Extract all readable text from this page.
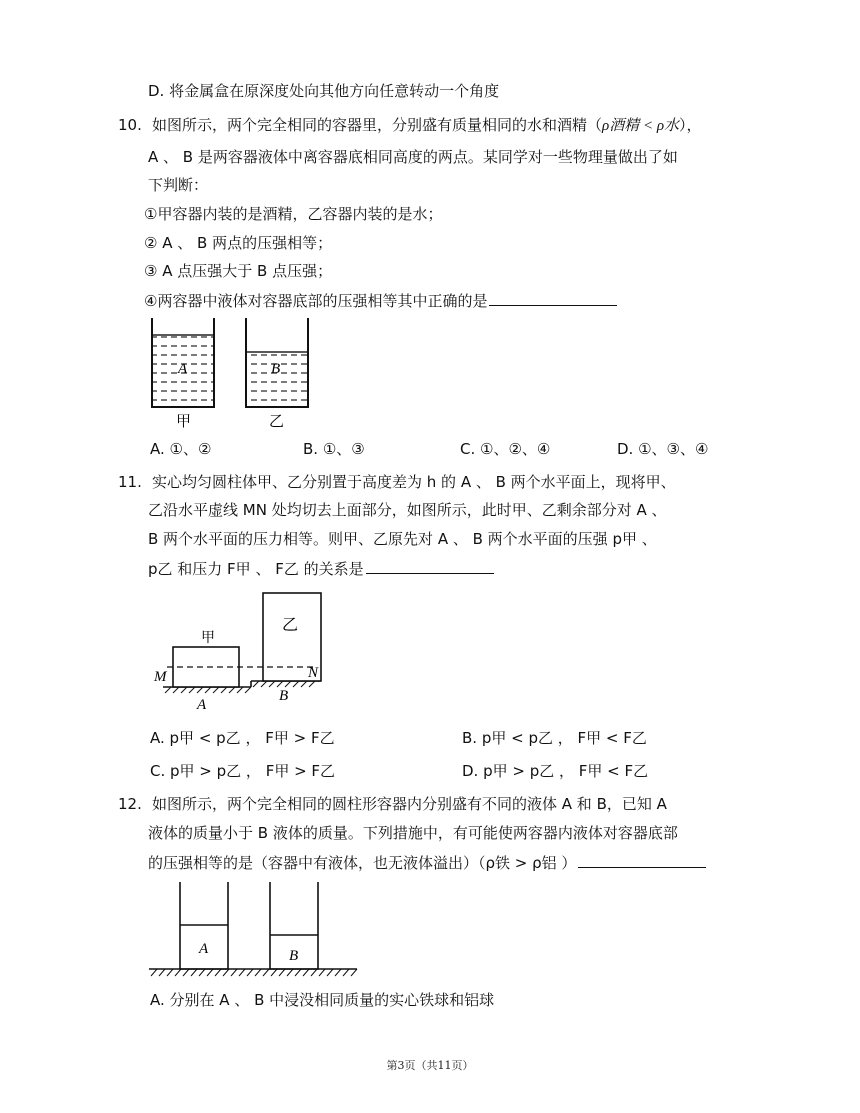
D. 将金属盒在原深度处向其他方向任意转动一个角度
10. 如图所示，两个完全相同的容器里，分别盛有质量相同的水和酒精（ρ酒精 < ρ水），
A 、 B 是两容器液体中离容器底相同高度的两点。某同学对一些物理量做出了如
下判断：
①甲容器内装的是酒精，乙容器内装的是水；
② A 、 B 两点的压强相等；
③ A 点压强大于 B 点压强；
④两容器中液体对容器底部的压强相等其中正确的是
A	B
甲	乙
A. ①、②	B. ①、③	C. ①、②、④	D. ①、③、④
11. 实心均匀圆柱体甲、乙分别置于高度差为 h 的 A 、 B 两个水平面上，现将甲、
乙沿水平虚线 MN 处均切去上面部分，如图所示，此时甲、乙剩余部分对 A 、
B 两个水平面的压力相等。则甲、乙原先对 A 、 B 两个水平面的压强 p甲 、
p乙 和压力 F甲 、 F乙 的关系是
甲
乙
M	N
A
B
A. p甲 < p乙 ， F甲 > F乙	B. p甲 < p乙 ， F甲 < F乙
C. p甲 > p乙 ， F甲 > F乙	D. p甲 > p乙 ， F甲 < F乙
12. 如图所示，两个完全相同的圆柱形容器内分别盛有不同的液体 A 和 B，已知 A
液体的质量小于 B 液体的质量。下列措施中，有可能使两容器内液体对容器底部
的压强相等的是（容器中有液体，也无液体溢出）（ρ铁 > ρ铝 ）
A	B
A. 分别在 A 、 B 中浸没相同质量的实心铁球和铝球
第3页（共11页）
